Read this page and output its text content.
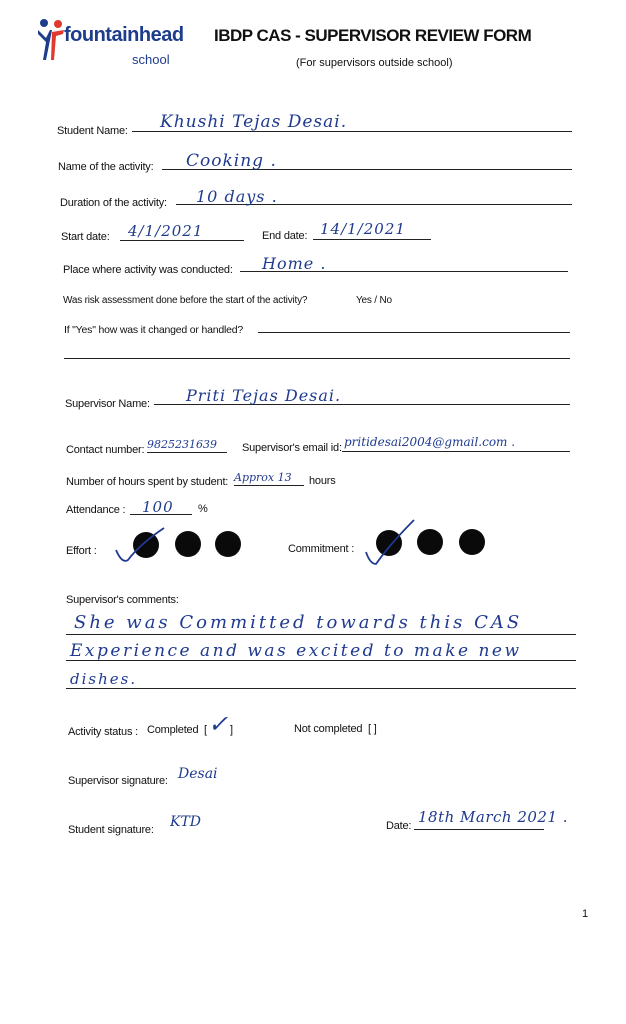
fountainhead
school
IBDP CAS - SUPERVISOR REVIEW FORM
(For supervisors outside school)
Student Name: Khushi Tejas Desai.
Name of the activity: Cooking .
Duration of the activity: 10 days .
Start date: 4/1/2021	End date: 14/1/2021
Place where activity was conducted: Home .
Was risk assessment done before the start of the activity?	Yes / No
If "Yes" how was it changed or handled?
Supervisor Name: Priti Tejas Desai.
Contact number: 9825231639 Supervisor's email id: pritidesai2004@gmail.com .
Number of hours spent by student: Approx 13 hours
Attendance : 100 %
Effort :	Commitment :
Supervisor's comments:
She was Committed towards this CAS
Experience and was excited to make new
dishes.
Activity status : Completed [ ✓ ]	Not completed [ ]
Supervisor signature: Desai
Student signature: KTD	Date: 18th March 2021 .
1
